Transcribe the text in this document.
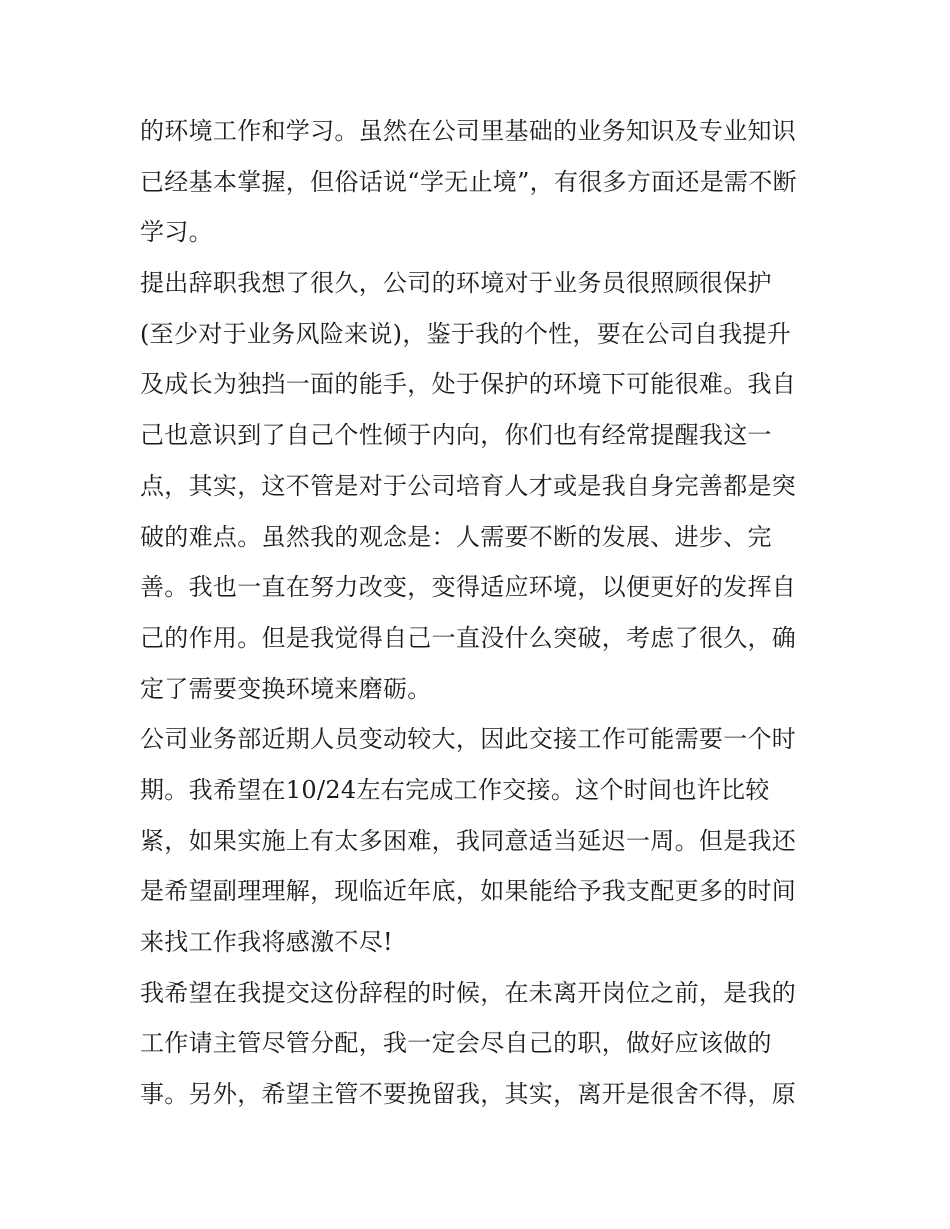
的环境工作和学习。虽然在公司里基础的业务知识及专业知识
已经基本掌握，但俗话说“学无止境”，有很多方面还是需不断
学习。
提出辞职我想了很久，公司的环境对于业务员很照顾很保护
(至少对于业务风险来说)，鉴于我的个性，要在公司自我提升
及成长为独挡一面的能手，处于保护的环境下可能很难。我自
己也意识到了自己个性倾于内向，你们也有经常提醒我这一
点，其实，这不管是对于公司培育人才或是我自身完善都是突
破的难点。虽然我的观念是：人需要不断的发展、进步、完
善。我也一直在努力改变，变得适应环境，以便更好的发挥自
己的作用。但是我觉得自己一直没什么突破，考虑了很久，确
定了需要变换环境来磨砺。
公司业务部近期人员变动较大，因此交接工作可能需要一个时
期。我希望在10/24左右完成工作交接。这个时间也许比较
紧，如果实施上有太多困难，我同意适当延迟一周。但是我还
是希望副理理解，现临近年底，如果能给予我支配更多的时间
来找工作我将感激不尽!
我希望在我提交这份辞程的时候，在未离开岗位之前，是我的
工作请主管尽管分配，我一定会尽自己的职，做好应该做的
事。另外，希望主管不要挽留我，其实，离开是很舍不得，原
